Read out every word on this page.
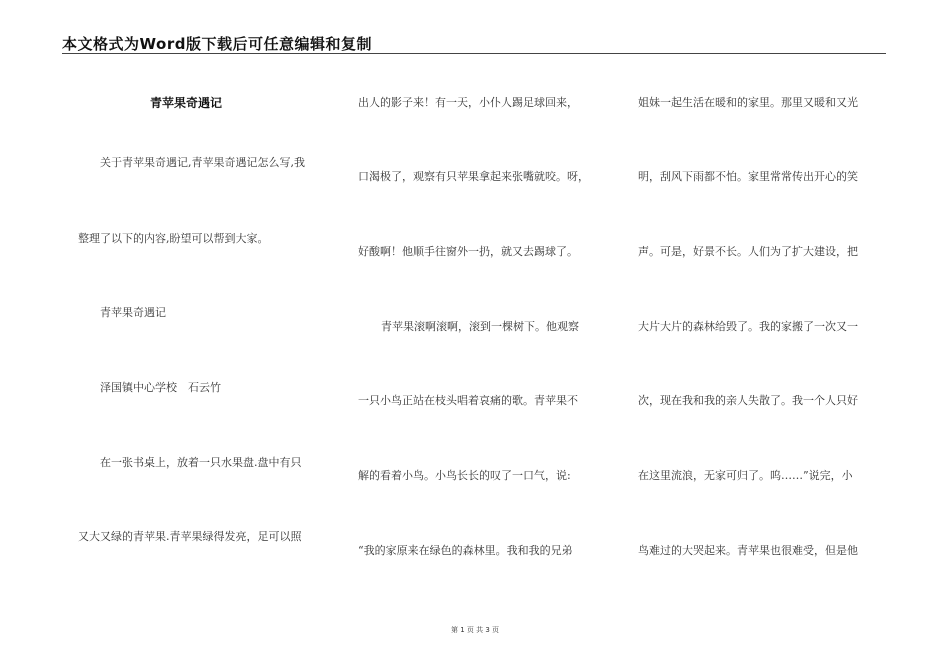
本文格式为Word版下载后可任意编辑和复制
青苹果奇遇记
关于青苹果奇遇记,青苹果奇遇记怎么写,我
整理了以下的内容,盼望可以帮到大家。
青苹果奇遇记
泽国镇中心学校　石云竹
在一张书桌上，放着一只水果盘.盘中有只
又大又绿的青苹果.青苹果绿得发亮，足可以照
出人的影子来！有一天，小仆人踢足球回来，
口渴极了，观察有只苹果拿起来张嘴就咬。呀，
好酸啊！他顺手往窗外一扔，就又去踢球了。
青苹果滚啊滚啊，滚到一棵树下。他观察
一只小鸟正站在枝头唱着哀痛的歌。青苹果不
解的看着小鸟。小鸟长长的叹了一口气，说:
“我的家原来在绿色的森林里。我和我的兄弟
姐妹一起生活在暖和的家里。那里又暖和又光
明，刮风下雨都不怕。家里常常传出开心的笑
声。可是，好景不长。人们为了扩大建设，把
大片大片的森林给毁了。我的家搬了一次又一
次，现在我和我的亲人失散了。我一个人只好
在这里流浪，无家可归了。呜……”说完，小
鸟难过的大哭起来。青苹果也很难受，但是他
第 1 页 共 3 页
